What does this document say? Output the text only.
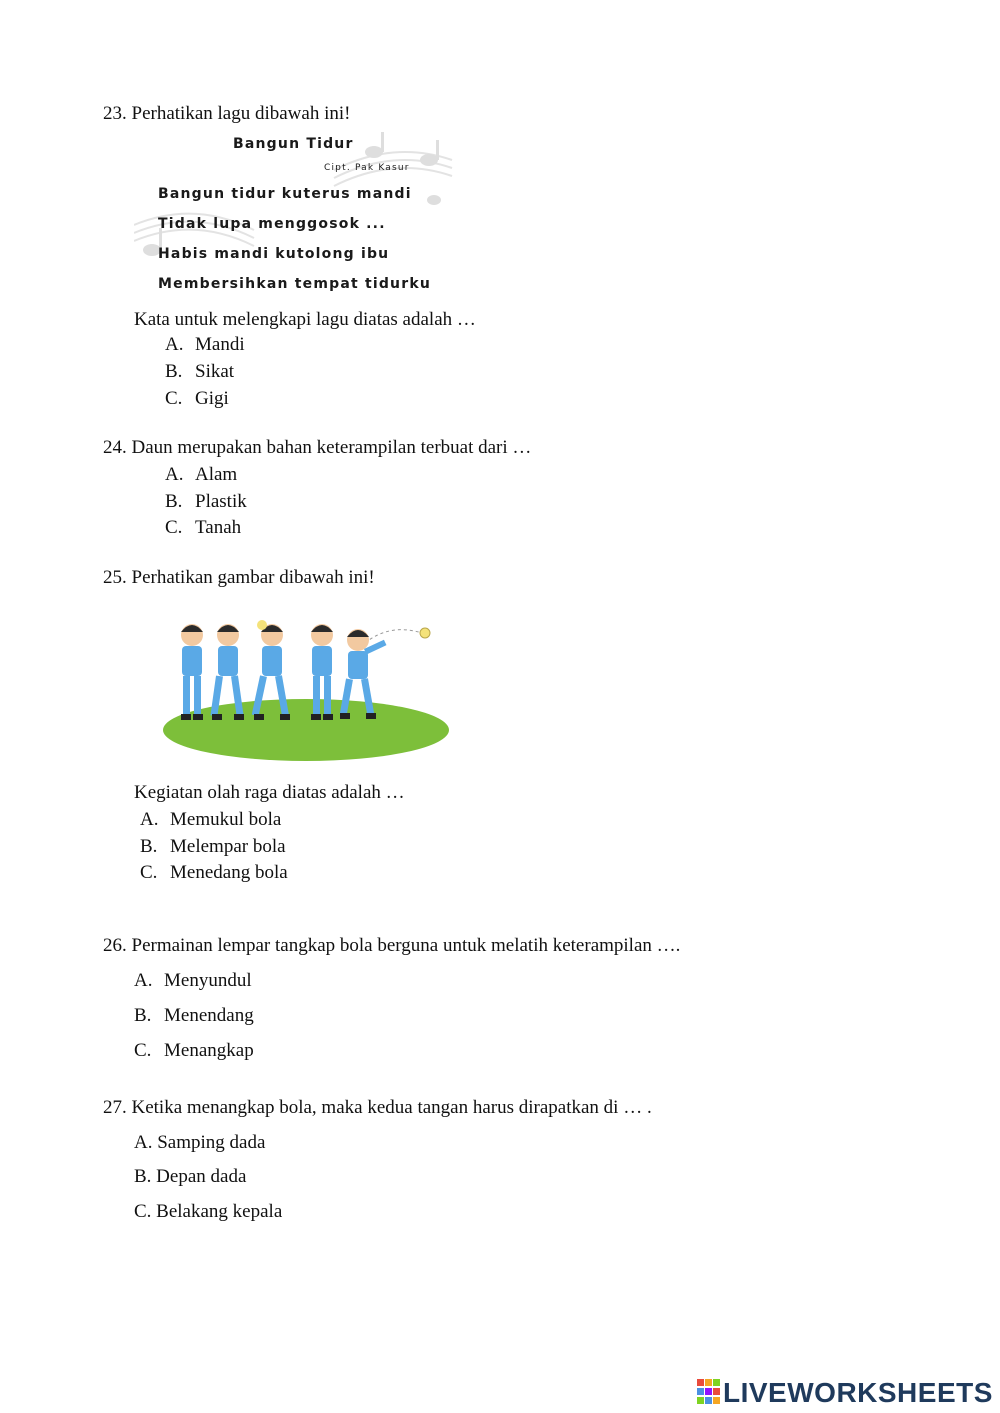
23. Perhatikan lagu dibawah ini!
Bangun Tidur
Cipt. Pak Kasur
Bangun tidur kuterus mandi
Tidak lupa menggosok ...
Habis mandi kutolong ibu
Membersihkan tempat tidurku
Kata untuk melengkapi lagu diatas adalah …
A. Mandi
B. Sikat
C. Gigi
24. Daun merupakan bahan keterampilan terbuat dari …
A. Alam
B. Plastik
C. Tanah
25. Perhatikan gambar dibawah ini!
Kegiatan olah raga diatas adalah …
A. Memukul bola
B. Melempar bola
C. Menedang bola
26. Permainan lempar tangkap bola berguna untuk melatih keterampilan ….
A. Menyundul
B. Menendang
C. Menangkap
27. Ketika menangkap bola, maka kedua tangan harus dirapatkan di … .
A. Samping dada
B. Depan dada
C. Belakang kepala
LIVEWORKSHEETS
